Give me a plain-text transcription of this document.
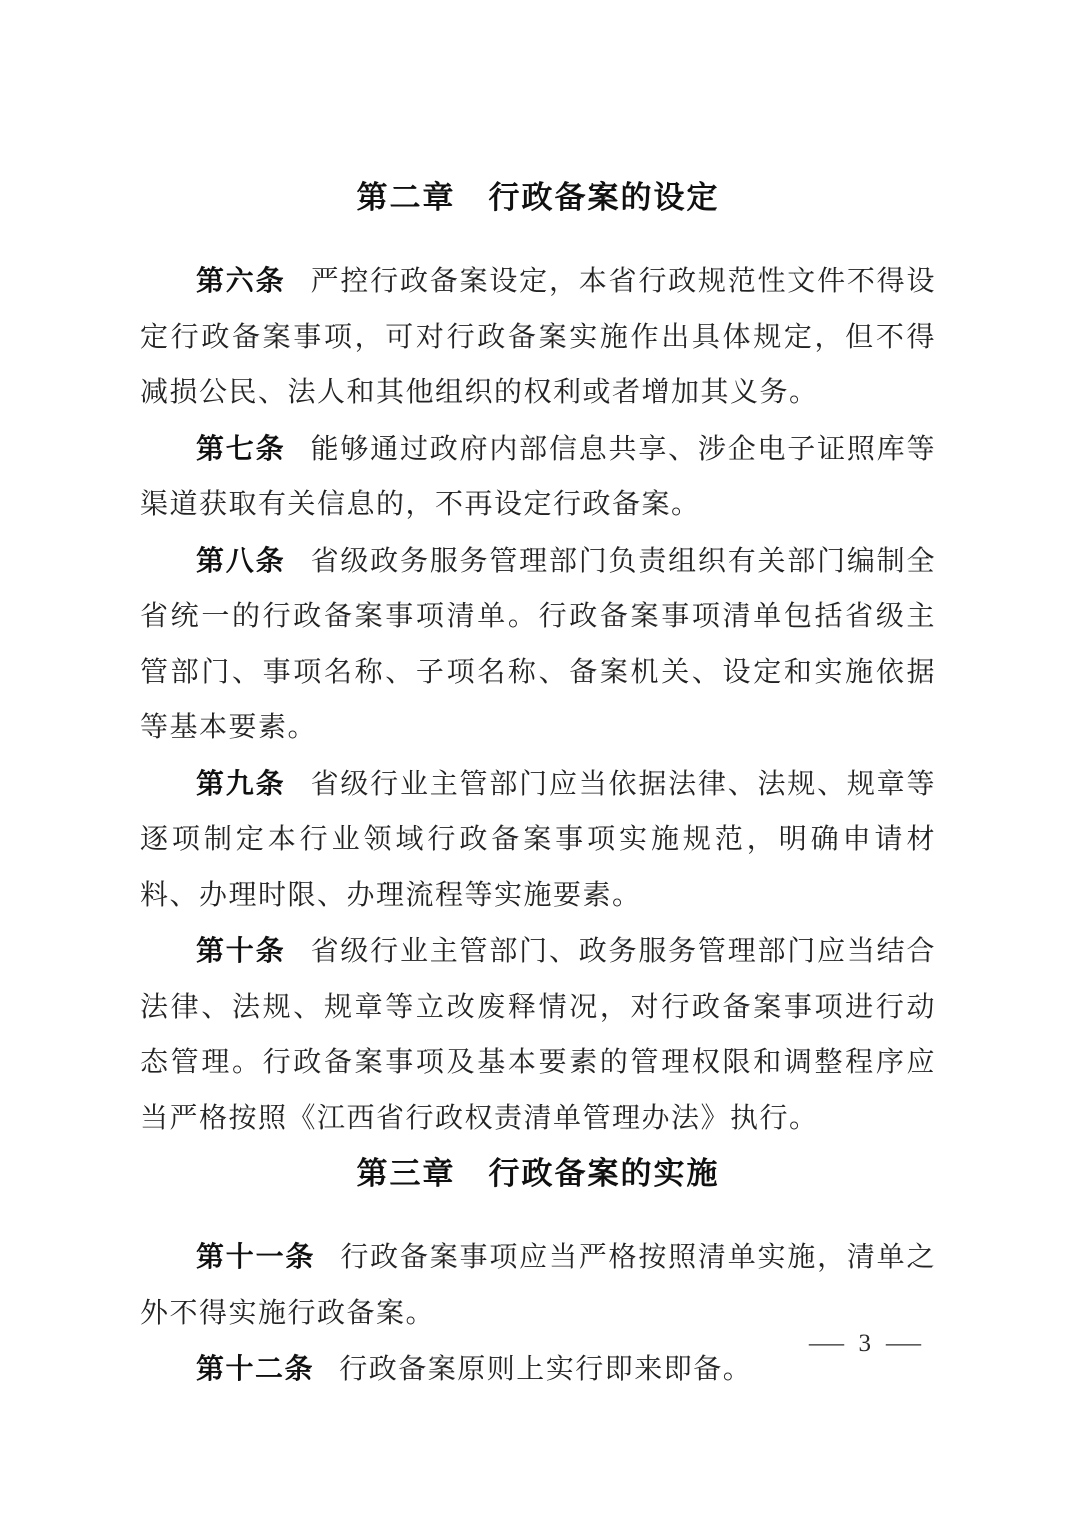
第二章　行政备案的设定

第六条 严控行政备案设定，本省行政规范性文件不得设定行政备案事项，可对行政备案实施作出具体规定，但不得减损公民、法人和其他组织的权利或者增加其义务。

第七条 能够通过政府内部信息共享、涉企电子证照库等渠道获取有关信息的，不再设定行政备案。

第八条 省级政务服务管理部门负责组织有关部门编制全省统一的行政备案事项清单。行政备案事项清单包括省级主管部门、事项名称、子项名称、备案机关、设定和实施依据等基本要素。

第九条 省级行业主管部门应当依据法律、法规、规章等逐项制定本行业领域行政备案事项实施规范，明确申请材料、办理时限、办理流程等实施要素。

第十条 省级行业主管部门、政务服务管理部门应当结合法律、法规、规章等立改废释情况，对行政备案事项进行动态管理。行政备案事项及基本要素的管理权限和调整程序应当严格按照《江西省行政权责清单管理办法》执行。

第三章　行政备案的实施

第十一条 行政备案事项应当严格按照清单实施，清单之外不得实施行政备案。

第十二条 行政备案原则上实行即来即备。

— 3 —
